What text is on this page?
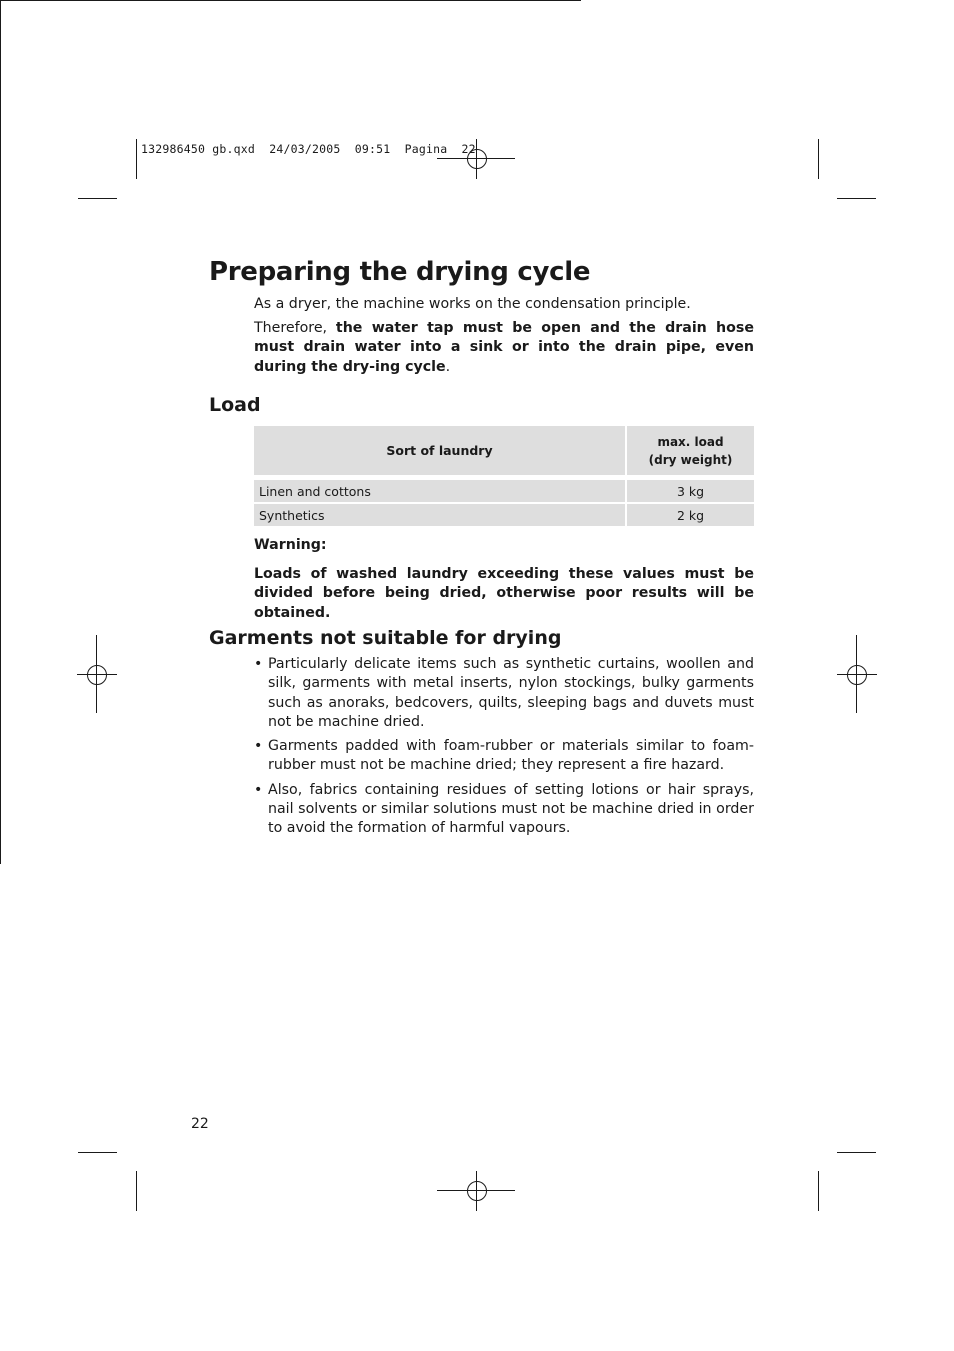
132986450 gb.qxd  24/03/2005  09:51  Pagina  22
Preparing the drying cycle

As a dryer, the machine works on the condensation principle.

Therefore, the water tap must be open and the drain hose must drain water into a sink or into the drain pipe, even during the dry-ing cycle.

Load
Sort of laundry	max. load
(dry weight)

Linen and cottons	3 kg

Synthetics	2 kg

Warning:

Loads of washed laundry exceeding these values must be divided before being dried, otherwise poor results will be obtained.

Garments not suitable for drying
• Particularly delicate items such as synthetic curtains, woollen and silk, garments with metal inserts, nylon stockings, bulky garments such as anoraks, bedcovers, quilts, sleeping bags and duvets must not be machine dried.
• Garments padded with foam-rubber or materials similar to foam-rubber must not be machine dried; they represent a fire hazard.
• Also, fabrics containing residues of setting lotions or hair sprays, nail solvents or similar solutions must not be machine dried in order to avoid the formation of harmful vapours.
22
